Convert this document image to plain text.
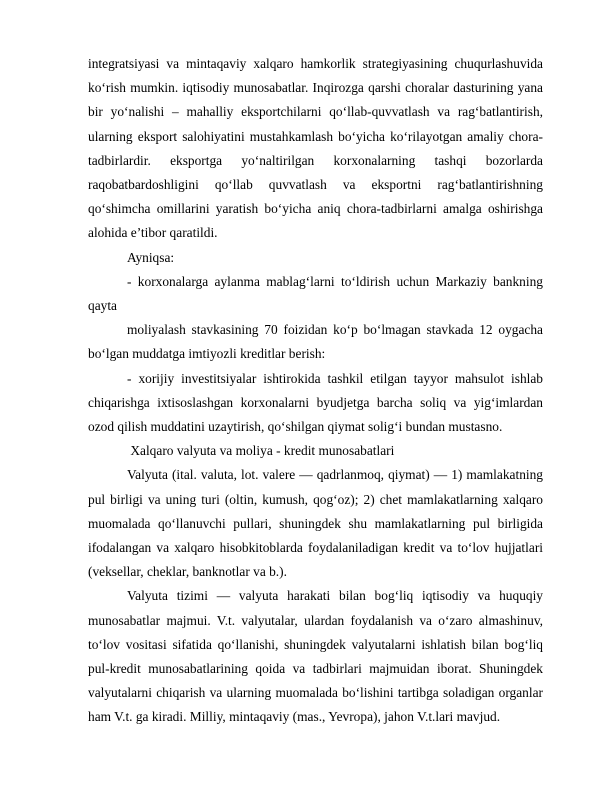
integratsiyasi va mintaqaviy xalqaro hamkorlik strategiyasining chuqurlashuvida ko‘rish mumkin. iqtisodiy munosabatlar. Inqirozga qarshi choralar dasturining yana bir yo‘nalishi – mahalliy eksportchilarni qo‘llab-quvvatlash va rag‘batlantirish, ularning eksport salohiyatini mustahkamlash bo‘yicha ko‘rilayotgan amaliy chora-tadbirlardir. eksportga yo‘naltirilgan korxonalarning tashqi bozorlarda raqobatbardoshligini qo‘llab quvvatlash va eksportni rag‘batlantirishning qo‘shimcha omillarini yaratish bo‘yicha aniq chora-tadbirlarni amalga oshirishga alohida e’tibor qaratildi.

Ayniqsa:

- korxonalarga aylanma mablag‘larni to‘ldirish uchun Markaziy bankning qayta

moliyalash stavkasining 70 foizidan ko‘p bo‘lmagan stavkada 12 oygacha bo‘lgan muddatga imtiyozli kreditlar berish:

- xorijiy investitsiyalar ishtirokida tashkil etilgan tayyor mahsulot ishlab chiqarishga ixtisoslashgan korxonalarni byudjetga barcha soliq va yig‘imlardan ozod qilish muddatini uzaytirish, qo‘shilgan qiymat solig‘i bundan mustasno.

Xalqaro valyuta va moliya - kredit munosabatlari

Valyuta (ital. valuta, lot. valere — qadrlanmoq, qiymat) — 1) mamlakatning pul birligi va uning turi (oltin, kumush, qog‘oz); 2) chet mamlakatlarning xalqaro muomalada qo‘llanuvchi pullari, shuningdek shu mamlakatlarning pul birligida ifodalangan va xalqaro hisobkitoblarda foydalaniladigan kredit va to‘lov hujjatlari (veksellar, cheklar, banknotlar va b.).

Valyuta tizimi — valyuta harakati bilan bog‘liq iqtisodiy va huquqiy munosabatlar majmui. V.t. valyutalar, ulardan foydalanish va o‘zaro almashinuv, to‘lov vositasi sifatida qo‘llanishi, shuningdek valyutalarni ishlatish bilan bog‘liq pul-kredit munosabatlarining qoida va tadbirlari majmuidan iborat. Shuningdek valyutalarni chiqarish va ularning muomalada bo‘lishini tartibga soladigan organlar ham V.t. ga kiradi. Milliy, mintaqaviy (mas., Yevropa), jahon V.t.lari mavjud.
